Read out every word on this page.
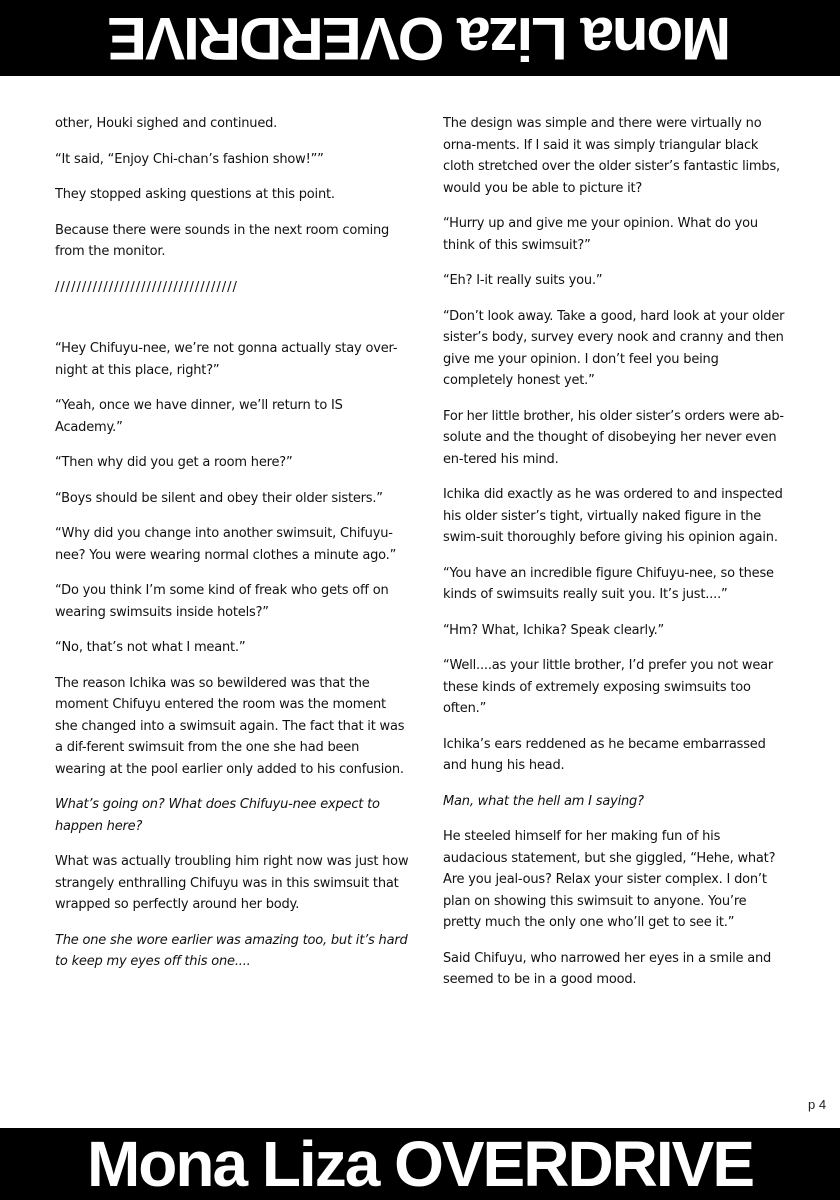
Mona Liza OVERDRIVE

other, Houki sighed and continued.

“It said, “Enjoy Chi-chan’s fashion show!””

They stopped asking questions at this point.

Because there were sounds in the next room coming from the monitor.

//////////////////////////////////

“Hey Chifuyu-nee, we’re not gonna actually stay over-night at this place, right?”

“Yeah, once we have dinner, we’ll return to IS Academy.”

“Then why did you get a room here?”

“Boys should be silent and obey their older sisters.”

“Why did you change into another swimsuit, Chifuyu-nee? You were wearing normal clothes a minute ago.”

“Do you think I’m some kind of freak who gets off on wearing swimsuits inside hotels?”

“No, that’s not what I meant.”

The reason Ichika was so bewildered was that the moment Chifuyu entered the room was the moment she changed into a swimsuit again. The fact that it was a dif-ferent swimsuit from the one she had been wearing at the pool earlier only added to his confusion.

What’s going on? What does Chifuyu-nee expect to happen here?

What was actually troubling him right now was just how strangely enthralling Chifuyu was in this swimsuit that wrapped so perfectly around her body.

The one she wore earlier was amazing too, but it’s hard to keep my eyes off this one....

The design was simple and there were virtually no orna-ments. If I said it was simply triangular black cloth stretched over the older sister’s fantastic limbs, would you be able to picture it?

“Hurry up and give me your opinion. What do you think of this swimsuit?”

“Eh? I-it really suits you.”

“Don’t look away. Take a good, hard look at your older sister’s body, survey every nook and cranny and then give me your opinion. I don’t feel you being completely honest yet.”

For her little brother, his older sister’s orders were ab-solute and the thought of disobeying her never even en-tered his mind.

Ichika did exactly as he was ordered to and inspected his older sister’s tight, virtually naked figure in the swim-suit thoroughly before giving his opinion again.

“You have an incredible figure Chifuyu-nee, so these kinds of swimsuits really suit you. It’s just....”

“Hm? What, Ichika? Speak clearly.”

“Well....as your little brother, I’d prefer you not wear these kinds of extremely exposing swimsuits too often.”

Ichika’s ears reddened as he became embarrassed and hung his head.

Man, what the hell am I saying?

He steeled himself for her making fun of his audacious statement, but she giggled, “Hehe, what? Are you jeal-ous? Relax your sister complex. I don’t plan on showing this swimsuit to anyone. You’re pretty much the only one who’ll get to see it.”

Said Chifuyu, who narrowed her eyes in a smile and seemed to be in a good mood.

p 4
Mona Liza OVERDRIVE
